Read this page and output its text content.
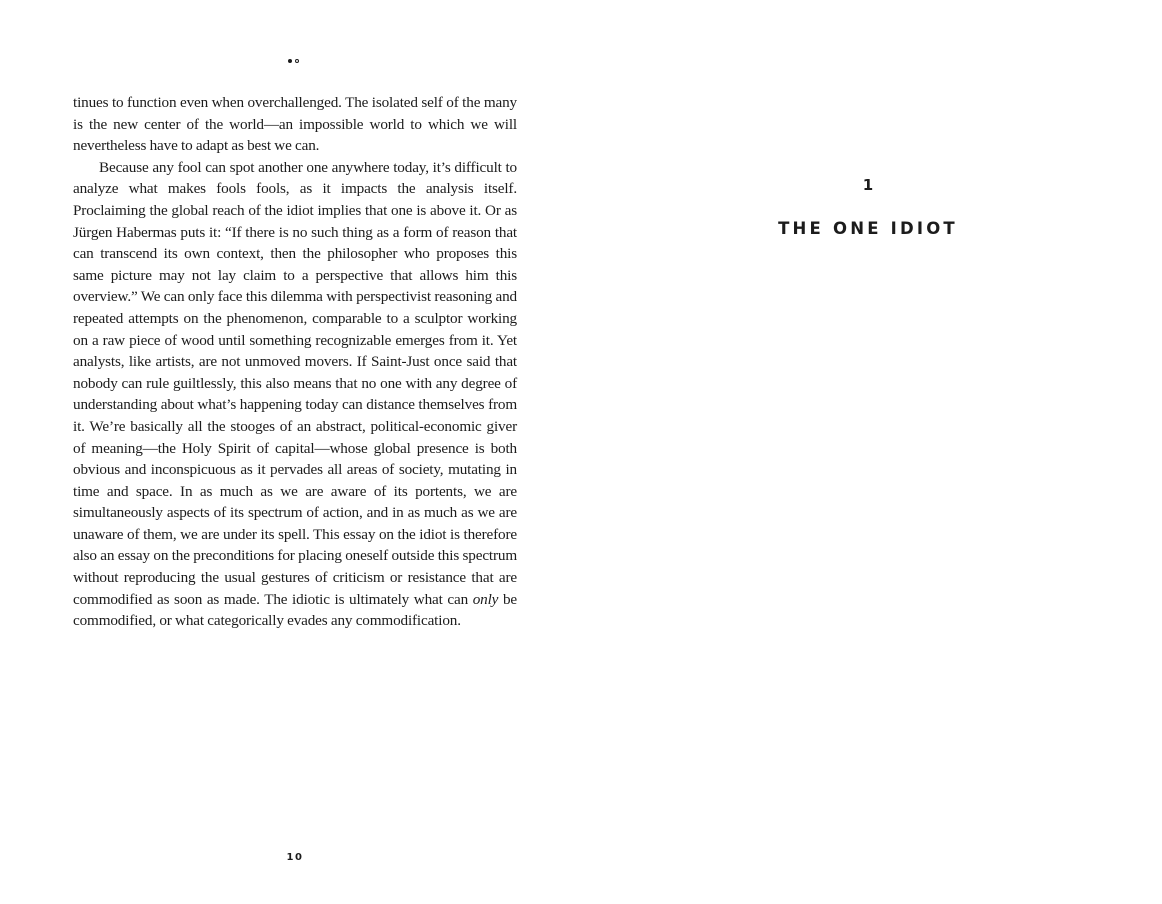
tinues to function even when overchallenged. The isolated self of the many is the new center of the world—an impossible world to which we will nevertheless have to adapt as best we can.

Because any fool can spot another one anywhere today, it’s difficult to analyze what makes fools fools, as it impacts the analysis itself. Proclaiming the global reach of the idiot implies that one is above it. Or as Jürgen Habermas puts it: “If there is no such thing as a form of reason that can transcend its own context, then the philosopher who proposes this same picture may not lay claim to a perspective that allows him this overview.” We can only face this dilemma with perspectivist reasoning and repeated attempts on the phenomenon, comparable to a sculptor working on a raw piece of wood until something recognizable emerges from it. Yet analysts, like artists, are not unmoved movers. If Saint-Just once said that nobody can rule guiltlessly, this also means that no one with any degree of understanding about what’s happening today can distance themselves from it. We’re basically all the stooges of an abstract, political-economic giver of meaning—the Holy Spirit of capital—whose global presence is both obvious and inconspicuous as it pervades all areas of society, mutating in time and space. In as much as we are aware of its portents, we are simultaneously aspects of its spectrum of action, and in as much as we are unaware of them, we are under its spell. This essay on the idiot is therefore also an essay on the preconditions for placing oneself outside this spectrum without reproducing the usual gestures of criticism or resistance that are commodified as soon as made. The idiotic is ultimately what can only be commodified, or what categorically evades any commodification.

10
1
THE ONE IDIOT
